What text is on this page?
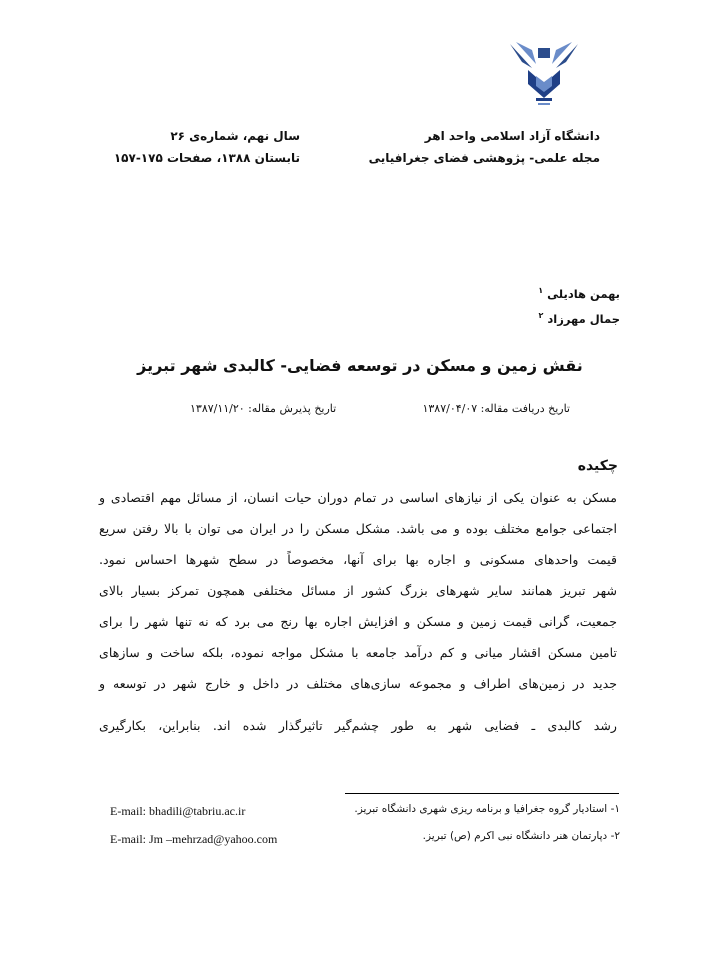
دانشگاه آزاد اسلامی واحد اهر
مجله علمی- پژوهشی فضای جغرافیایی
سال نهم، شماره‌ی ۲۶
تابستان ۱۳۸۸، صفحات ۱۷۵-۱۵۷
بهمن هادیلی $^۱$
جمال مهرزاد $^۲$
نقش زمین و مسکن در توسعه فضایی- کالبدی شهر تبریز
تاریخ دریافت مقاله: ۱۳۸۷/۰۴/۰۷
تاریخ پذیرش مقاله: ۱۳۸۷/۱۱/۲۰
چکیده
مسکن به عنوان یکی از نیازهای اساسی در تمام دوران حیات انسان، از مسائل مهم اقتصادی و
اجتماعی جوامع مختلف بوده و می باشد. مشکل مسکن را در ایران می توان با بالا رفتن سریع
قیمت واحدهای مسکونی و اجاره بها برای آنها، مخصوصاً در سطح شهرها احساس نمود.
شهر تبریز همانند سایر شهرهای بزرگ کشور از مسائل مختلفی همچون تمرکز بسیار بالای
جمعیت، گرانی قیمت زمین و مسکن و افزایش اجاره بها رنج می برد که نه تنها شهر را برای
تامین مسکن اقشار میانی و کم درآمد جامعه با مشکل مواجه نموده، بلکه ساخت و سازهای
جدید در زمین‌های اطراف و مجموعه سازی‌های مختلف در داخل و خارج شهر در توسعه و
رشد کالبدی ـ فضایی شهر به طور چشم‌گیر تاثیرگذار شده اند. بنابراین، بکارگیری
۱- استادیار گروه جغرافیا و برنامه ریزی شهری دانشگاه تبریز.
۲- دپارتمان هنر دانشگاه نبی اکرم (ص) تبریز.
E-mail: bhadili@tabriu.ac.ir
E-mail: Jm –mehrzad@yahoo.com
